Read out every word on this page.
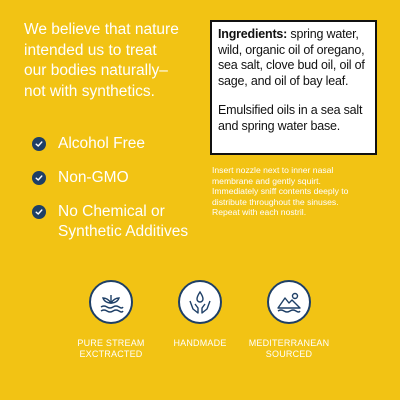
We believe that nature
intended us to treat
our bodies naturally–
not with synthetics.
Alcohol Free
Non-GMO
No Chemical or
Synthetic Additives
Ingredients: spring water,
wild, organic oil of oregano,
sea salt, clove bud oil, oil of
sage, and oil of bay leaf.
Emulsified oils in a sea salt
and spring water base.
Insert nozzle next to inner nasal
membrane and gently squirt.
Immediately sniff contents deeply to
distribute throughout the sinuses.
Repeat with each nostril.
PURE STREAM
EXCTRACTED
HANDMADE	MEDITERRANEAN
SOURCED
